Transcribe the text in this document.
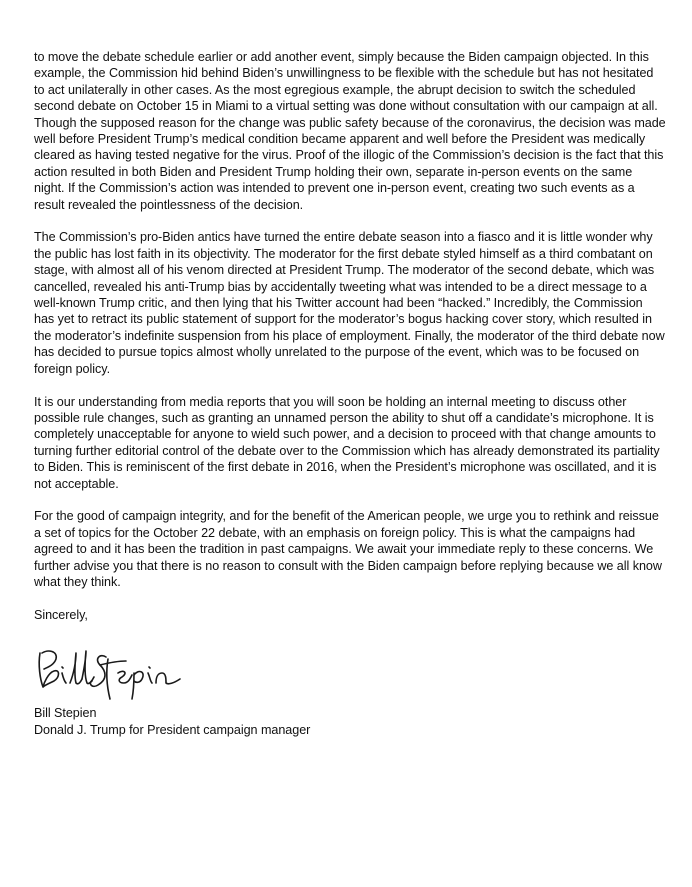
to move the debate schedule earlier or add another event, simply because the Biden campaign objected. In this example, the Commission hid behind Biden’s unwillingness to be flexible with the schedule but has not hesitated to act unilaterally in other cases. As the most egregious example, the abrupt decision to switch the scheduled second debate on October 15 in Miami to a virtual setting was done without consultation with our campaign at all. Though the supposed reason for the change was public safety because of the coronavirus, the decision was made well before President Trump’s medical condition became apparent and well before the President was medically cleared as having tested negative for the virus. Proof of the illogic of the Commission’s decision is the fact that this action resulted in both Biden and President Trump holding their own, separate in-person events on the same night. If the Commission’s action was intended to prevent one in-person event, creating two such events as a result revealed the pointlessness of the decision.

The Commission’s pro-Biden antics have turned the entire debate season into a fiasco and it is little wonder why the public has lost faith in its objectivity. The moderator for the first debate styled himself as a third combatant on stage, with almost all of his venom directed at President Trump. The moderator of the second debate, which was cancelled, revealed his anti-Trump bias by accidentally tweeting what was intended to be a direct message to a well-known Trump critic, and then lying that his Twitter account had been “hacked.” Incredibly, the Commission has yet to retract its public statement of support for the moderator’s bogus hacking cover story, which resulted in the moderator’s indefinite suspension from his place of employment. Finally, the moderator of the third debate now has decided to pursue topics almost wholly unrelated to the purpose of the event, which was to be focused on foreign policy.

It is our understanding from media reports that you will soon be holding an internal meeting to discuss other possible rule changes, such as granting an unnamed person the ability to shut off a candidate’s microphone. It is completely unacceptable for anyone to wield such power, and a decision to proceed with that change amounts to turning further editorial control of the debate over to the Commission which has already demonstrated its partiality to Biden. This is reminiscent of the first debate in 2016, when the President’s microphone was oscillated, and it is not acceptable.

For the good of campaign integrity, and for the benefit of the American people, we urge you to rethink and reissue a set of topics for the October 22 debate, with an emphasis on foreign policy. This is what the campaigns had agreed to and it has been the tradition in past campaigns. We await your immediate reply to these concerns. We further advise you that there is no reason to consult with the Biden campaign before replying because we all know what they think.

Sincerely,

Bill Stepien
Donald J. Trump for President campaign manager
